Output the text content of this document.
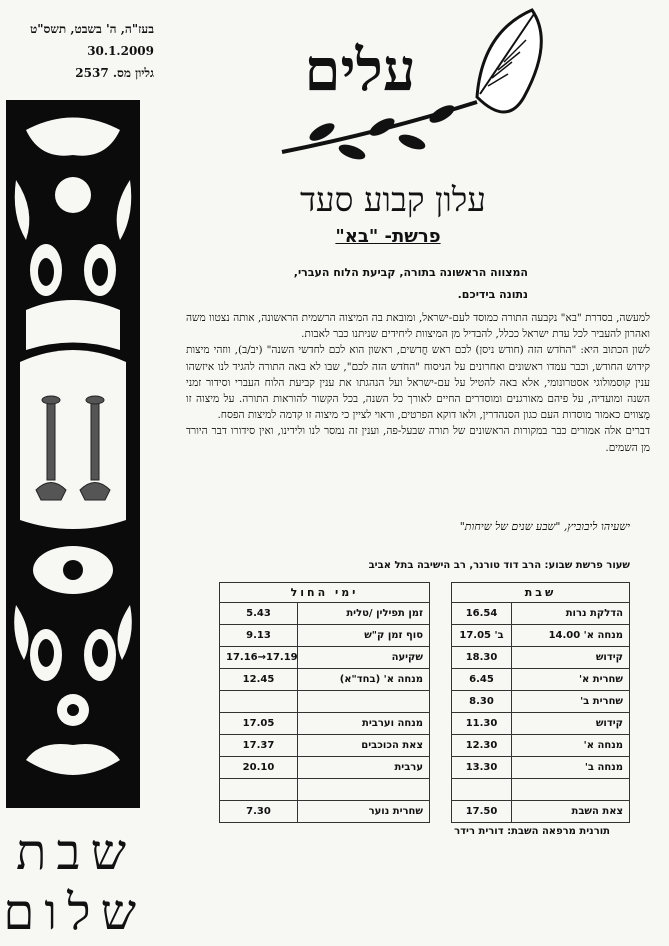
בעז"ה, ה' בשבט, תשס"ט
30.1.2009
גליון מס. 2537
שבת
שלום
עלים
עלון קבוע סעד
פרשת- "בא"
המצווה הראשונה בתורה, קביעת הלוח העברי,
נתונה בידיכם.

למעשה, בסדרת "בא" נקבעה התורה כמוסד לעם-ישראל, ומובאת בה המיצוה הרשמית הראשונה, אותה נצטוו משה ואהרון להעביר לכל עדת ישראל ככלל, להבדיל מן המיצוות ליחידים שניתנו כבר לאבות.

לשון הכתוב היא: "החֹדש הזה (חודש ניסן) לכם ראש חֳדשים, ראשון הוא לכם לחדשי השנה" (יב/ב), ווזהי מיצות קידוש החודש, וכבר עמדו ראשונים ואחרונים על הניסוח "החֹדש הזה לכם", שבו לא באה התורה להגיד לנו איזשהו ענין קוסמולוגי אסטרונומי, אלא באה להטיל על עם-ישראל ועל הנהגתו את ענין קביעת הלוח העברי וסידור זמני השנה ומועדיה, על פיהם מאורגנים ומוסדרים החיים לאורך כל השנה, בכל הקשור להוראות התורה. על מיצוה זו מֻצווים כאמור מוסדות העם כגון הסנהדרין, ולאו דוקא הפרטים, וראוי לציין כי מיצוה זו קדמה למיצות הפסח.

דברים אלה אמורים כבר במקורות הראשונים של תורה שבעל-פה, וענין זה נמסר לנו ולידינו, ואין סידורו דבר היורד מן השמים.

ישעיהו ליבוביץ, "שבע שנים של שיחות"
שעור פרשת שבוע: הרב דוד טורנר, רב הישיבה בתל אביב
שבת			ימי החול	
הדלקת נרות	16.54		זמן תפילין /טלית	5.43
מנחה א' 14.00	ב' 17.05		סוף זמן ק"ש	9.13
קידוש	18.30		שקיעה	17.16→17.19
שחרית א'	6.45		מנחה א' (בחד"א)	12.45
שחרית ב'	8.30			
קידוש	11.30		מנחה וערבית	17.05
מנחה א'	12.30		צאת הכוכבים	17.37
מנחה ב'	13.30		ערבית	20.10

צאת השבת	17.50		שחרית נוער	7.30
תורנית מרפאה השבת: דורית רידר
